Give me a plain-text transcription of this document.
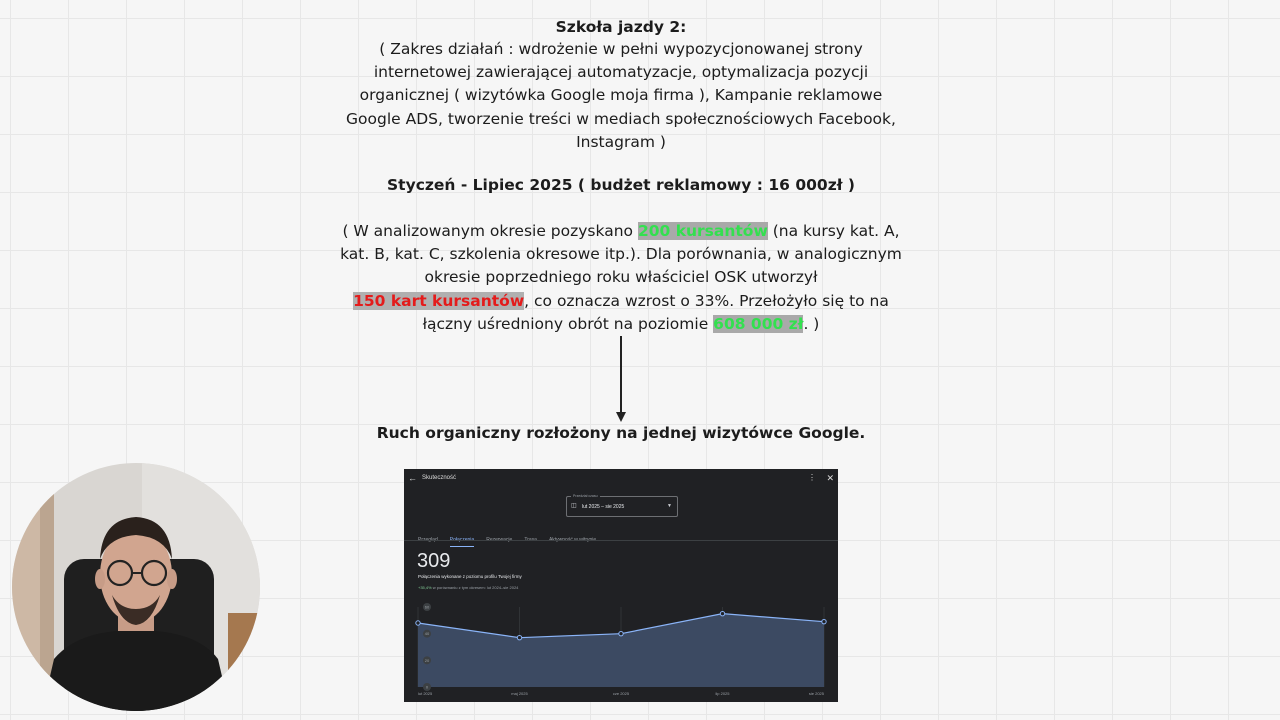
Szkoła jazdy 2:
( Zakres działań : wdrożenie w pełni wypozycjonowanej strony
internetowej zawierającej automatyzacje, optymalizacja pozycji
organicznej ( wizytówka Google moja firma ), Kampanie reklamowe
Google ADS, tworzenie treści w mediach społecznościowych Facebook,
Instagram )
Styczeń - Lipiec 2025 ( budżet reklamowy : 16 000zł )
( W analizowanym okresie pozyskano 200 kursantów (na kursy kat. A,
kat. B, kat. C, szkolenia okresowe itp.). Dla porównania, w analogicznym
okresie poprzedniego roku właściciel OSK utworzył
150 kart kursantów, co oznacza wzrost o 33%. Przełożyło się to na
łączny uśredniony obrót na poziomie 608 000 zł. )
Ruch organiczny rozłożony na jednej wizytówce Google.
← Skuteczność	⋮ ✕
Przedział czasu
◫ lut 2025 – sie 2025	▼
309
Połączenia wykonane z poziomu profilu Twojej firmy
+35,4% w porównaniu z tym okresem: lut 2024–sie 2024
60
40
20
0
lut 2025	maj 2025	cze 2025	lip 2025	sie 2025
